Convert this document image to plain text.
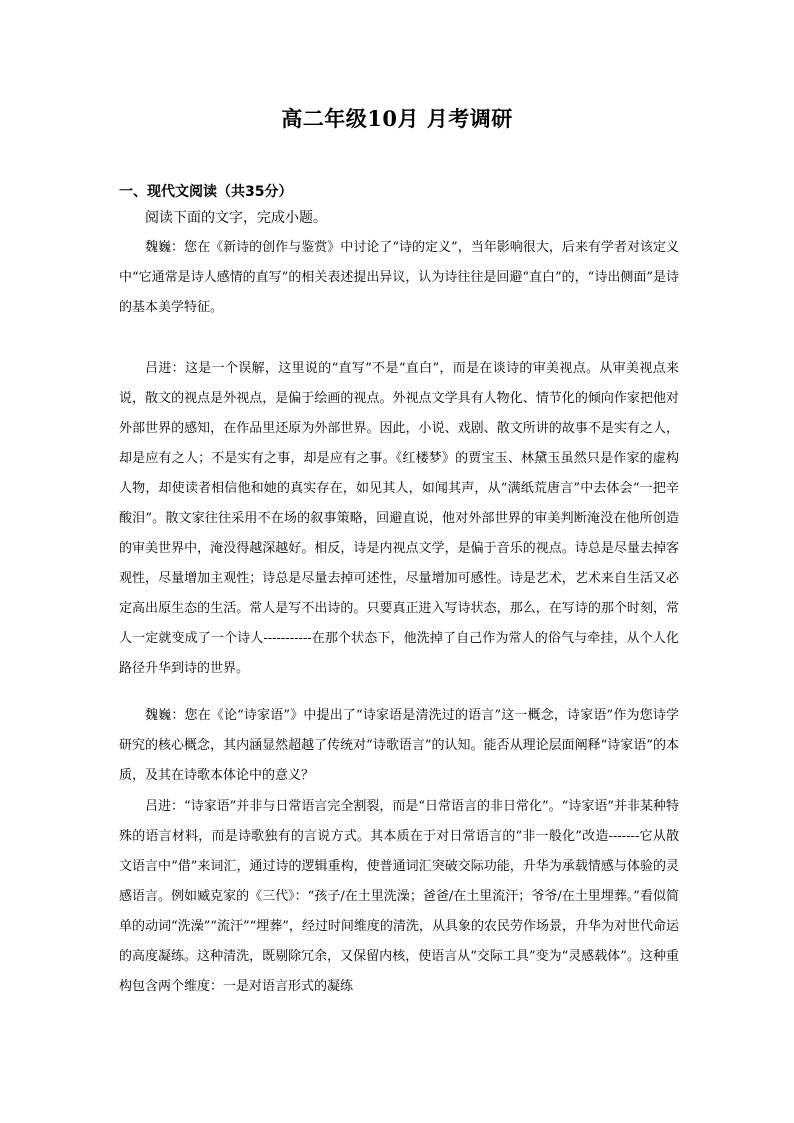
高二年级10月 月考调研
一、现代文阅读（共35分）
阅读下面的文字，完成小题。

魏巍：您在《新诗的创作与鉴赏》中讨论了“诗的定义”，当年影响很大，后来有学者对该定义中“它通常是诗人感情的直写”的相关表述提出异议，认为诗往往是回避“直白”的，“诗出侧面”是诗的基本美学特征。

吕进：这是一个误解，这里说的“直写”不是“直白”，而是在谈诗的审美视点。从审美视点来说，散文的视点是外视点，是偏于绘画的视点。外视点文学具有人物化、情节化的倾向作家把他对外部世界的感知，在作品里还原为外部世界。因此，小说、戏剧、散文所讲的故事不是实有之人，却是应有之人；不是实有之事，却是应有之事。《红楼梦》的贾宝玉、林黛玉虽然只是作家的虚构人物，却使读者相信他和她的真实存在，如见其人，如闻其声，从“满纸荒唐言”中去体会“一把辛酸泪”。散文家往往采用不在场的叙事策略，回避直说，他对外部世界的审美判断淹没在他所创造的审美世界中，淹没得越深越好。相反，诗是内视点文学，是偏于音乐的视点。诗总是尽量去掉客观性，尽量增加主观性；诗总是尽量去掉可述性，尽量增加可感性。诗是艺术，艺术来自生活又必定高出原生态的生活。常人是写不出诗的。只要真正进入写诗状态，那么，在写诗的那个时刻，常人一定就变成了一个诗人-----------在那个状态下，他洗掉了自己作为常人的俗气与牵挂，从个人化路径升华到诗的世界。

魏巍：您在《论“诗家语”》中提出了“诗家语是清洗过的语言”这一概念，诗家语”作为您诗学研究的核心概念，其内涵显然超越了传统对“诗歌语言”的认知。能否从理论层面阐释“诗家语”的本质，及其在诗歌本体论中的意义？

吕进：“诗家语”并非与日常语言完全割裂，而是“日常语言的非日常化”。“诗家语”并非某种特殊的语言材料，而是诗歌独有的言说方式。其本质在于对日常语言的“非一般化”改造-------它从散文语言中“借”来词汇，通过诗的逻辑重构，使普通词汇突破交际功能，升华为承载情感与体验的灵感语言。例如臧克家的《三代》：“孩子/在土里洗澡；爸爸/在土里流汗；爷爷/在土里埋葬。”看似简单的动词“洗澡”“流汗”“埋葬”，经过时间维度的清洗，从具象的农民劳作场景，升华为对世代命运的高度凝练。这种清洗，既剔除冗余，又保留内核，使语言从“交际工具”变为“灵感载体”。这种重构包含两个维度：一是对语言形式的凝练
